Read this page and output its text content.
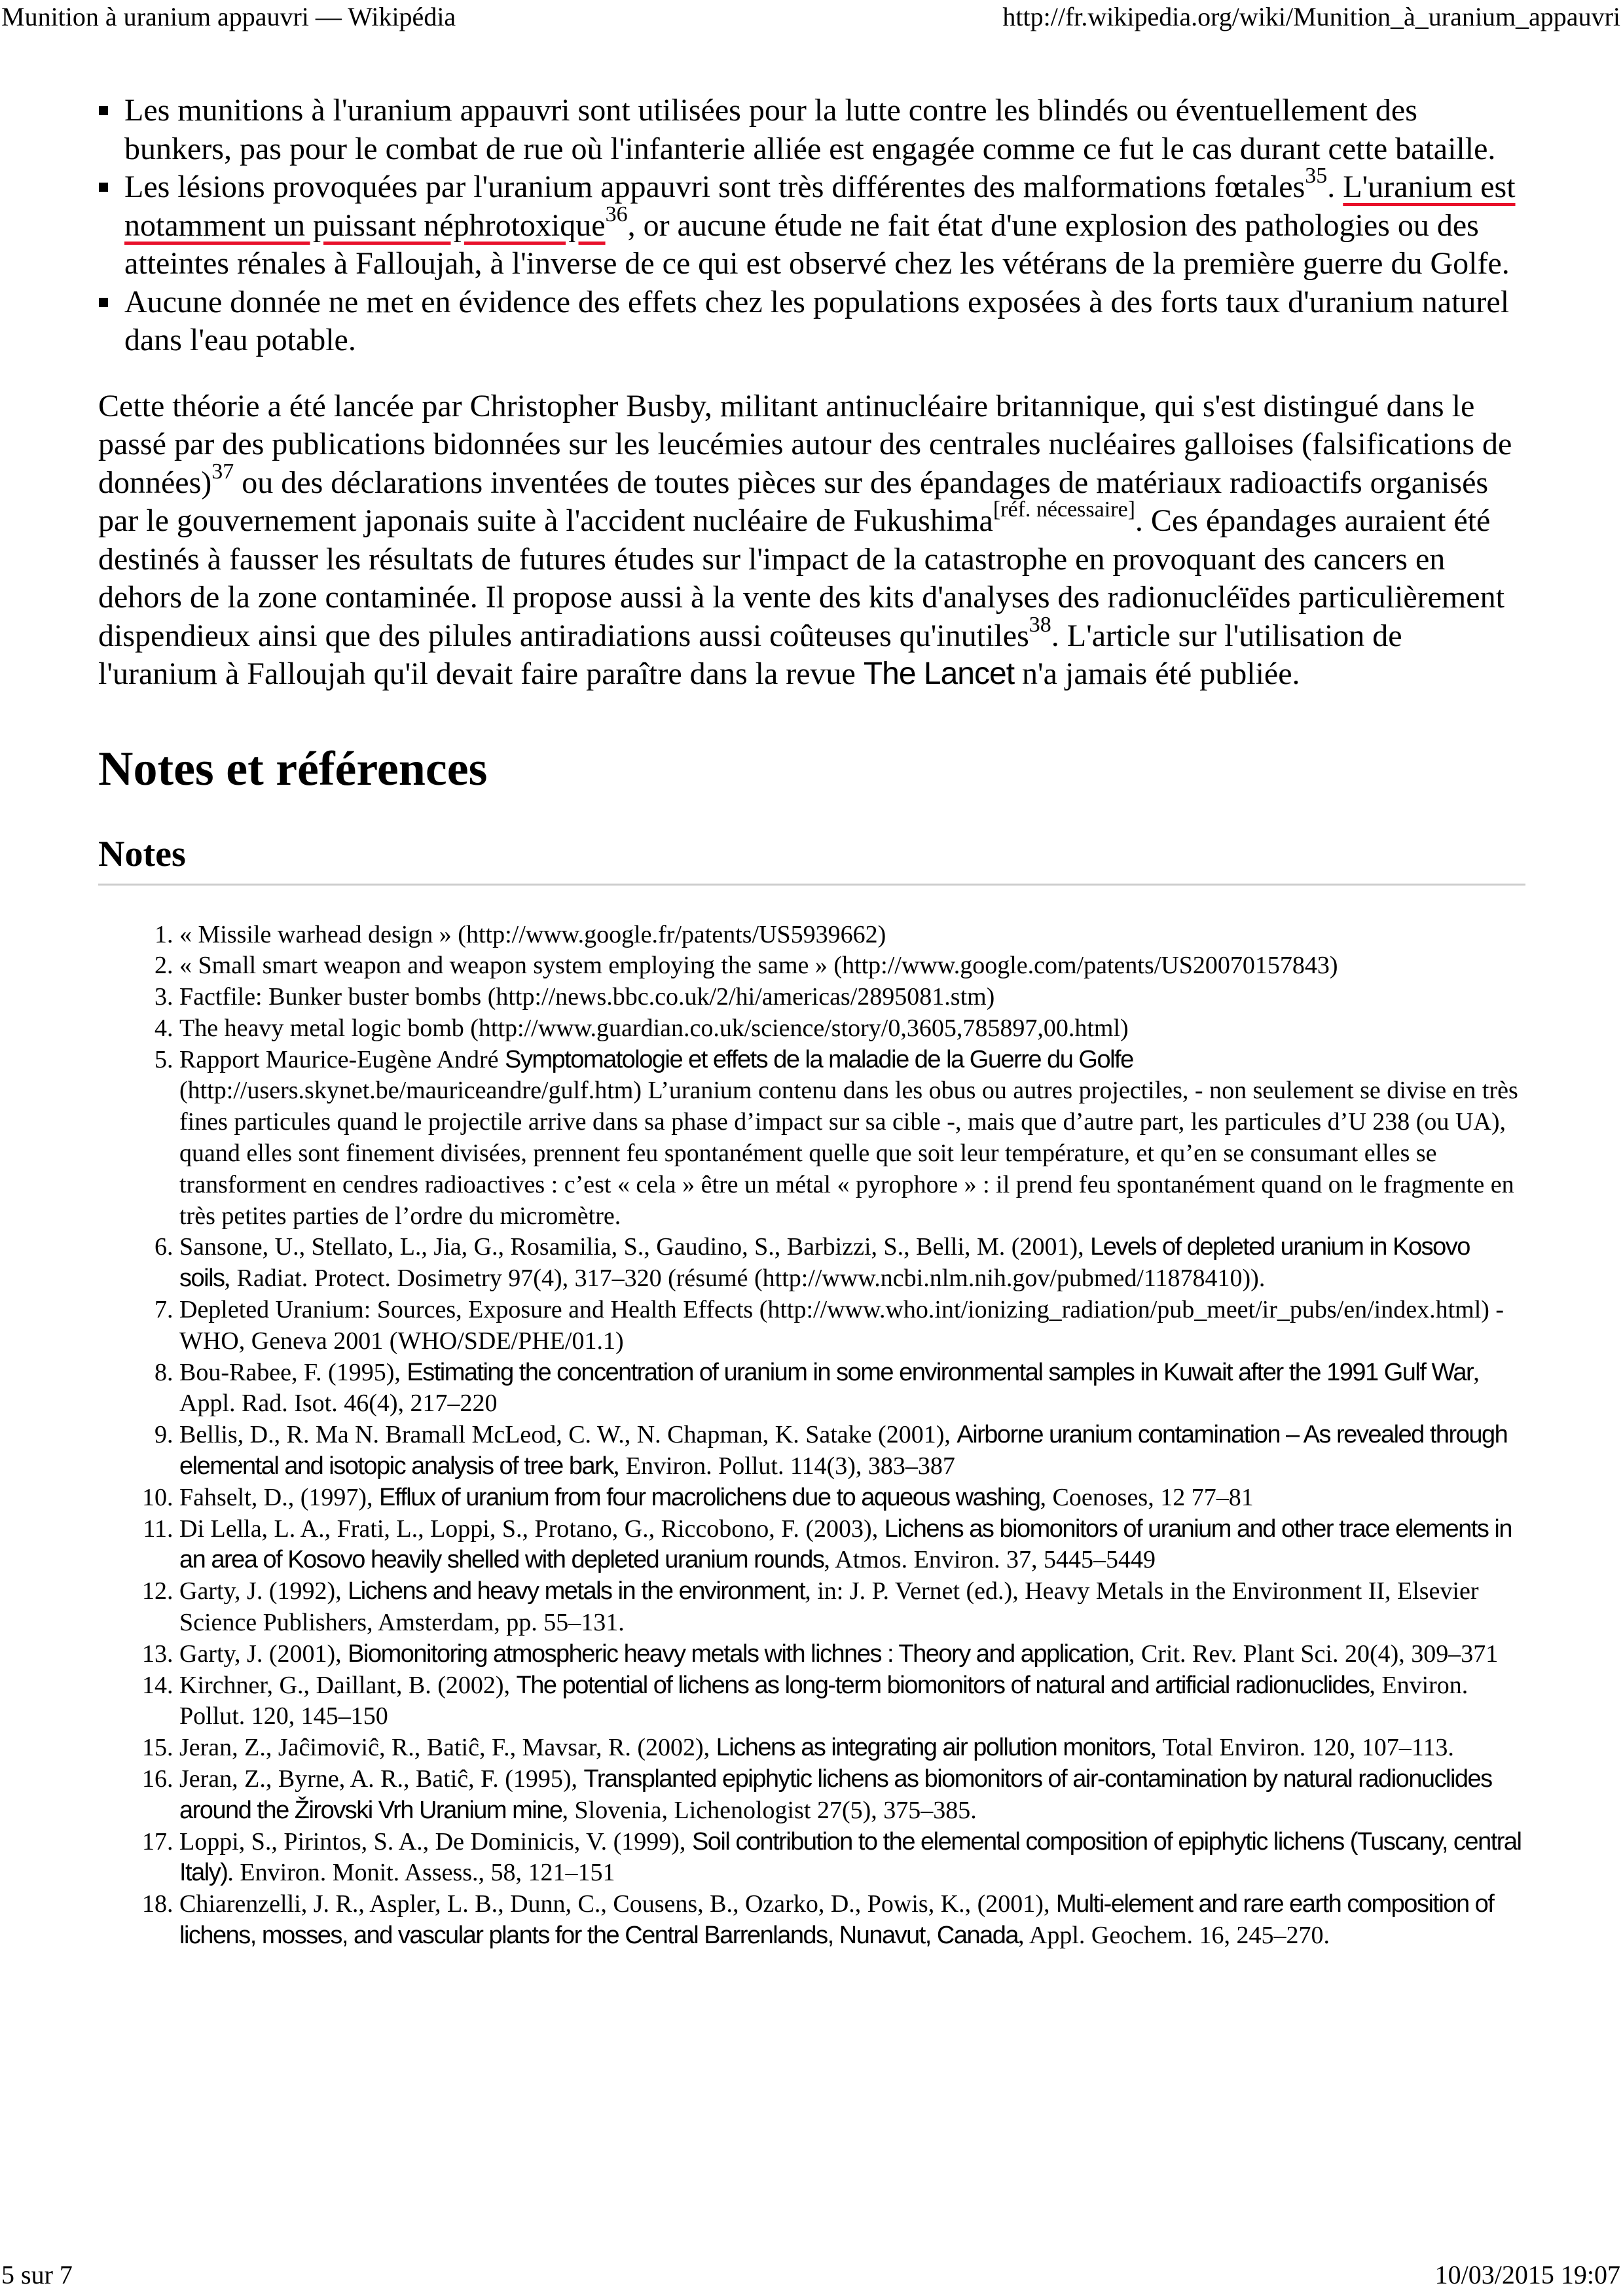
Munition à uranium appauvri — Wikipédia	http://fr.wikipedia.org/wiki/Munition_à_uranium_appauvri
Les munitions à l'uranium appauvri sont utilisées pour la lutte contre les blindés ou éventuellement des bunkers, pas pour le combat de rue où l'infanterie alliée est engagée comme ce fut le cas durant cette bataille.
Les lésions provoquées par l'uranium appauvri sont très différentes des malformations fœtales$^{35}$. L'uranium est notamment un puissant néphrotoxique$^{36}$, or aucune étude ne fait état d'une explosion des pathologies ou des atteintes rénales à Falloujah, à l'inverse de ce qui est observé chez les vétérans de la première guerre du Golfe.
Aucune donnée ne met en évidence des effets chez les populations exposées à des forts taux d'uranium naturel dans l'eau potable.

Cette théorie a été lancée par Christopher Busby, militant antinucléaire britannique, qui s'est distingué dans le passé par des publications bidonnées sur les leucémies autour des centrales nucléaires galloises (falsifications de données)$^{37}$ ou des déclarations inventées de toutes pièces sur des épandages de matériaux radioactifs organisés par le gouvernement japonais suite à l'accident nucléaire de Fukushima[réf. nécessaire]. Ces épandages auraient été destinés à fausser les résultats de futures études sur l'impact de la catastrophe en provoquant des cancers en dehors de la zone contaminée. Il propose aussi à la vente des kits d'analyses des radionucléïdes particulièrement dispendieux ainsi que des pilules antiradiations aussi coûteuses qu'inutiles$^{38}$. L'article sur l'utilisation de l'uranium à Falloujah qu'il devait faire paraître dans la revue The Lancet n'a jamais été publiée.

Notes et références
Notes
1. « Missile warhead design » (http://www.google.fr/patents/US5939662)
2. « Small smart weapon and weapon system employing the same » (http://www.google.com/patents/US20070157843)
3. Factfile: Bunker buster bombs (http://news.bbc.co.uk/2/hi/americas/2895081.stm)
4. The heavy metal logic bomb (http://www.guardian.co.uk/science/story/0,3605,785897,00.html)
5. Rapport Maurice-Eugène André Symptomatologie et effets de la maladie de la Guerre du Golfe (http://users.skynet.be/mauriceandre/gulf.htm) L’uranium contenu dans les obus ou autres projectiles, - non seulement se divise en très fines particules quand le projectile arrive dans sa phase d’impact sur sa cible -, mais que d’autre part, les particules d’U 238 (ou UA), quand elles sont finement divisées, prennent feu spontanément quelle que soit leur température, et qu’en se consumant elles se transforment en cendres radioactives : c’est « cela » être un métal « pyrophore » : il prend feu spontanément quand on le fragmente en très petites parties de l’ordre du micromètre.
6. Sansone, U., Stellato, L., Jia, G., Rosamilia, S., Gaudino, S., Barbizzi, S., Belli, M. (2001), Levels of depleted uranium in Kosovo soils, Radiat. Protect. Dosimetry 97(4), 317–320 (résumé (http://www.ncbi.nlm.nih.gov/pubmed/11878410)).
7. Depleted Uranium: Sources, Exposure and Health Effects (http://www.who.int/ionizing_radiation/pub_meet/ir_pubs/en/index.html) - WHO, Geneva 2001 (WHO/SDE/PHE/01.1)
8. Bou-Rabee, F. (1995), Estimating the concentration of uranium in some environmental samples in Kuwait after the 1991 Gulf War, Appl. Rad. Isot. 46(4), 217–220
9. Bellis, D., R. Ma N. Bramall McLeod, C. W., N. Chapman, K. Satake (2001), Airborne uranium contamination – As revealed through elemental and isotopic analysis of tree bark, Environ. Pollut. 114(3), 383–387
10. Fahselt, D., (1997), Efflux of uranium from four macrolichens due to aqueous washing, Coenoses, 12 77–81
11. Di Lella, L. A., Frati, L., Loppi, S., Protano, G., Riccobono, F. (2003), Lichens as biomonitors of uranium and other trace elements in an area of Kosovo heavily shelled with depleted uranium rounds, Atmos. Environ. 37, 5445–5449
12. Garty, J. (1992), Lichens and heavy metals in the environment, in: J. P. Vernet (ed.), Heavy Metals in the Environment II, Elsevier Science Publishers, Amsterdam, pp. 55–131.
13. Garty, J. (2001), Biomonitoring atmospheric heavy metals with lichnes : Theory and application, Crit. Rev. Plant Sci. 20(4), 309–371
14. Kirchner, G., Daillant, B. (2002), The potential of lichens as long-term biomonitors of natural and artificial radionuclides, Environ. Pollut. 120, 145–150
15. Jeran, Z., Jaĉimoviĉ, R., Batiĉ, F., Mavsar, R. (2002), Lichens as integrating air pollution monitors, Total Environ. 120, 107–113.
16. Jeran, Z., Byrne, A. R., Batiĉ, F. (1995), Transplanted epiphytic lichens as biomonitors of air-contamination by natural radionuclides around the Žirovski Vrh Uranium mine, Slovenia, Lichenologist 27(5), 375–385.
17. Loppi, S., Pirintos, S. A., De Dominicis, V. (1999), Soil contribution to the elemental composition of epiphytic lichens (Tuscany, central Italy). Environ. Monit. Assess., 58, 121–151
18. Chiarenzelli, J. R., Aspler, L. B., Dunn, C., Cousens, B., Ozarko, D., Powis, K., (2001), Multi-element and rare earth composition of lichens, mosses, and vascular plants for the Central Barrenlands, Nunavut, Canada, Appl. Geochem. 16, 245–270.
5 sur 7	10/03/2015 19:07
